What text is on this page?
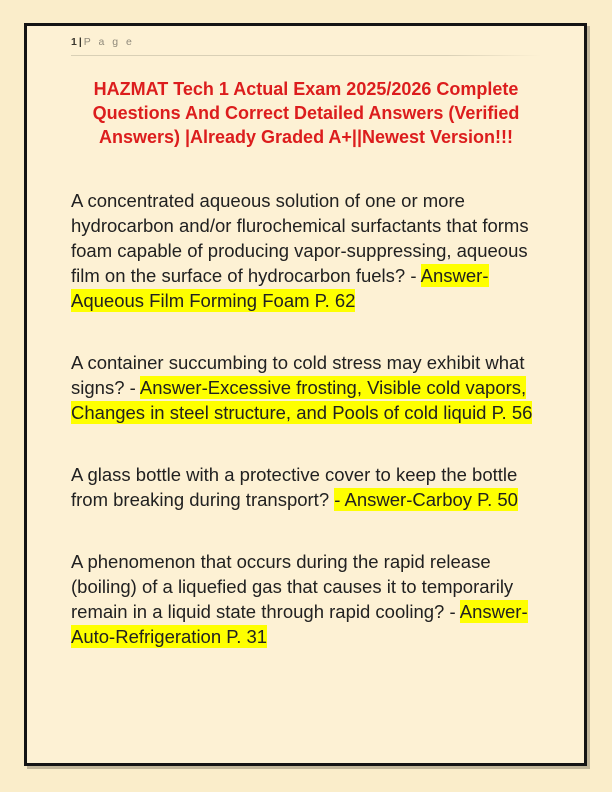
1 | P a g e
HAZMAT Tech 1 Actual Exam 2025/2026 Complete
Questions And Correct Detailed Answers (Verified
Answers) |Already Graded A+||Newest Version!!!

A concentrated aqueous solution of one or more hydrocarbon and/or flurochemical surfactants that forms foam capable of producing vapor-suppressing, aqueous film on the surface of hydrocarbon fuels? - Answer-Aqueous Film Forming Foam P. 62

A container succumbing to cold stress may exhibit what signs? - Answer-Excessive frosting, Visible cold vapors, Changes in steel structure, and Pools of cold liquid P. 56

A glass bottle with a protective cover to keep the bottle from breaking during transport? - Answer-Carboy P. 50

A phenomenon that occurs during the rapid release (boiling) of a liquefied gas that causes it to temporarily remain in a liquid state through rapid cooling? - Answer-Auto-Refrigeration P. 31
